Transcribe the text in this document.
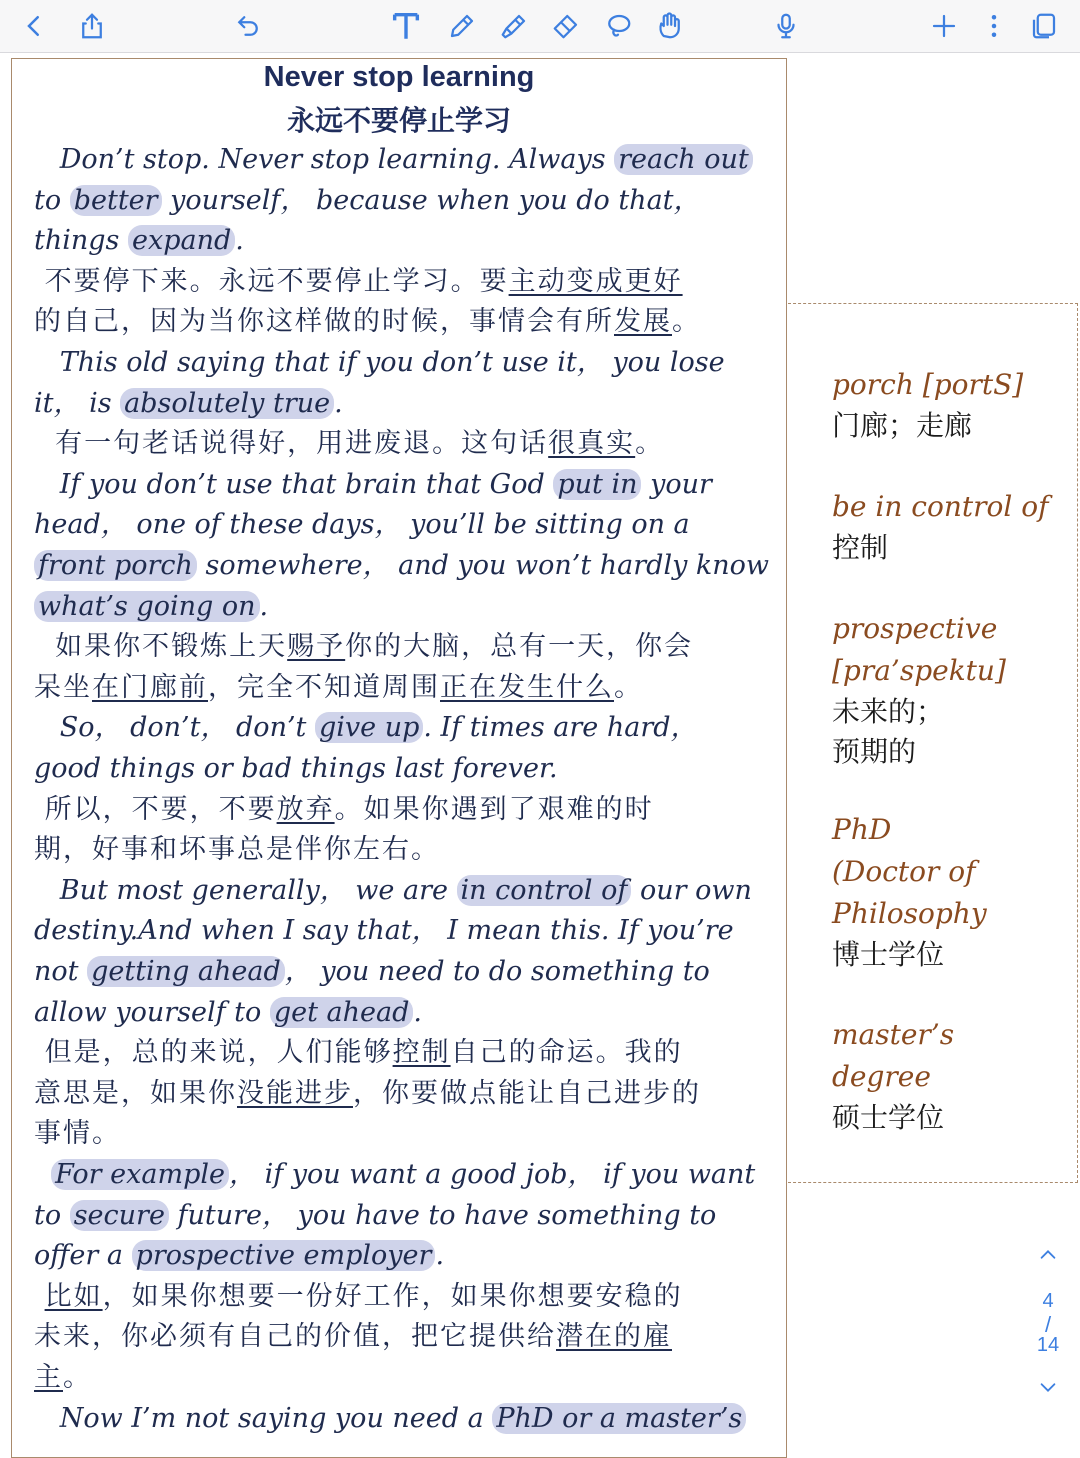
Never stop learning
永远不要停止学习
Don’t stop. Never stop learning. Always reach out
to better yourself， because when you do that，
things expand .
不要停下来。永远不要停止学习。要主动变成更好
的自己，因为当你这样做的时候，事情会有所发展。
This old saying that if you don’t use it， you lose
it， is absolutely true .
有一句老话说得好，用进废退。这句话很真实。
If you don’t use that brain that God put in your
head， one of these days， you’ll be sitting on a
front porch somewhere， and you won’t hardly know
what’s going on .
如果你不锻炼上天赐予你的大脑，总有一天，你会
呆坐在门廊前，完全不知道周围正在发生什么。
So， don’t， don’t give up . If times are hard，
good things or bad things last forever.
所以，不要，不要放弃。如果你遇到了艰难的时
期，好事和坏事总是伴你左右。
But most generally， we are in control of our own
destiny.And when I say that， I mean this. If you’re
not getting ahead ， you need to do something to
allow yourself to get ahead .
但是，总的来说，人们能够控制自己的命运。我的
意思是，如果你没能进步，你要做点能让自己进步的
事情。
For example ， if you want a good job， if you want
to secure future， you have to have something to
offer a prospective employer .
比如，如果你想要一份好工作，如果你想要安稳的
未来，你必须有自己的价值，把它提供给潜在的雇
主。
Now I’m not saying you need a PhD or a master’s
porch [portS]
门廊；走廊
be in control of
控制
prospective
[pra’spektu]
未来的；
预期的
PhD
(Doctor of
Philosophy
博士学位
master’s
degree
硕士学位
4
/
14
